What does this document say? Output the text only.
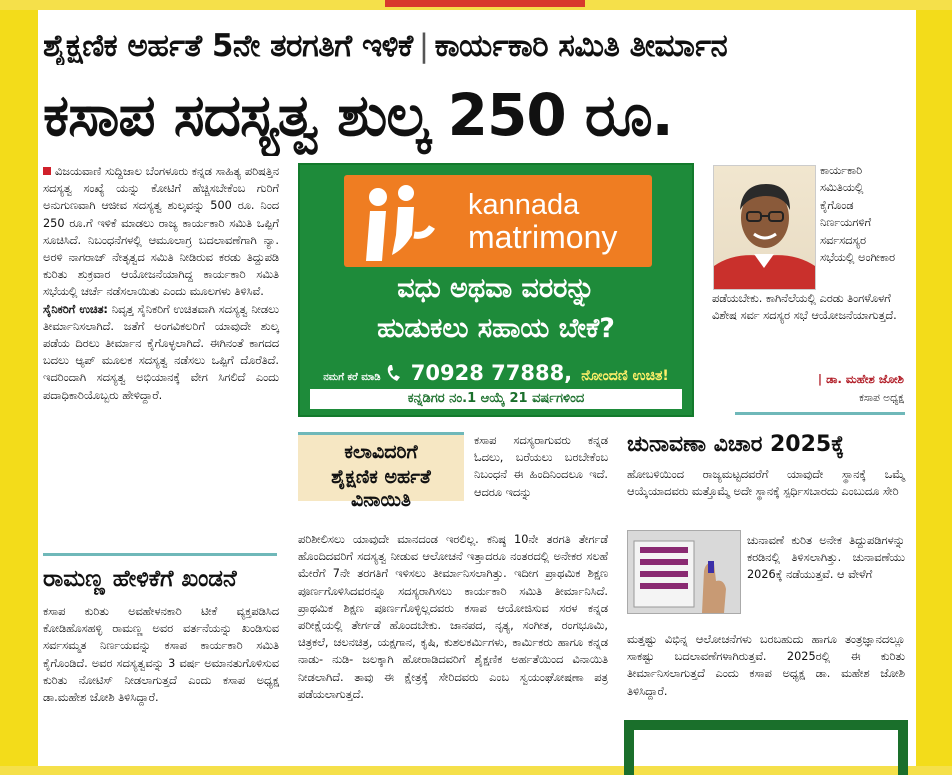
ಶೈಕ್ಷಣಿಕ ಅರ್ಹತೆ 5ನೇ ತರಗತಿಗೆ ಇಳಿಕೆ | ಕಾರ್ಯಕಾರಿ ಸಮಿತಿ ತೀರ್ಮಾನ
ಕಸಾಪ ಸದಸ್ಯತ್ವ ಶುಲ್ಕ 250 ರೂ.

ವಿಜಯವಾಣಿ ಸುದ್ದಿಜಾಲ ಬೆಂಗಳೂರು ಕನ್ನಡ ಸಾಹಿತ್ಯ ಪರಿಷತ್ತಿನ ಸದಸ್ಯತ್ವ ಸಂಖ್ಯೆ ಯನ್ನು ಕೋಟಿಗೆ ಹೆಚ್ಚಿಸಬೇಕೆಂಬ ಗುರಿಗೆ ಅನುಗುಣವಾಗಿ ಆಜೀವ ಸದಸ್ಯತ್ವ ಶುಲ್ಕವನ್ನು 500 ರೂ. ನಿಂದ 250 ರೂ.ಗೆ ಇಳಿಕೆ ಮಾಡಲು ರಾಜ್ಯ ಕಾರ್ಯಕಾರಿ ಸಮಿತಿ ಒಪ್ಪಿಗೆ ಸೂಚಿಸಿದೆ. ನಿಬಂಧನೆಗಳಲ್ಲಿ ಆಮೂಲಾಗ್ರ ಬದಲಾವಣೆಗಾಗಿ ನ್ಯಾ. ಅರಳಿ ನಾಗರಾಜ್ ನೇತೃತ್ವದ ಸಮಿತಿ ನೀಡಿರುವ ಕರಡು ತಿದ್ದುಪಡಿ ಕುರಿತು ಶುಕ್ರವಾರ ಆಯೋಜನೆಯಾಗಿದ್ದ ಕಾರ್ಯಕಾರಿ ಸಮಿತಿ ಸಭೆಯಲ್ಲಿ ಚರ್ಚೆ ನಡೆಸಲಾಯಿತು ಎಂದು ಮೂಲಗಳು ತಿಳಿಸಿವೆ.

ಸೈನಿಕರಿಗೆ ಉಚಿತ: ನಿವೃತ್ತ ಸೈನಿಕರಿಗೆ ಉಚಿತವಾಗಿ ಸದಸ್ಯತ್ವ ನೀಡಲು ತೀರ್ಮಾನಿಸಲಾಗಿದೆ. ಜತೆಗೆ ಅಂಗವಿಕಲರಿಗೆ ಯಾವುದೇ ಶುಲ್ಕ ಪಡೆಯ ದಿರಲು ತೀರ್ಮಾನ ಕೈಗೊಳ್ಳಲಾಗಿದೆ. ಈಗಿನಂತೆ ಕಾಗದದ ಬದಲು ಆ್ಯಪ್ ಮೂಲಕ ಸದಸ್ಯತ್ವ ನಡೆಸಲು ಒಪ್ಪಿಗೆ ದೊರೆತಿದೆ. ಇದರಿಂದಾಗಿ ಸದಸ್ಯತ್ವ ಅಭಿಯಾನಕ್ಕೆ ವೇಗ ಸಿಗಲಿದೆ ಎಂದು ಪದಾಧಿಕಾರಿಯೊಬ್ಬರು ಹೇಳಿದ್ದಾರೆ.

ರಾಮಣ್ಣ ಹೇಳಿಕೆಗೆ ಖಂಡನೆ
ಕಸಾಪ ಕುರಿತು ಅವಹೇಳನಕಾರಿ ಟೀಕೆ ವ್ಯಕ್ತಪಡಿಸಿದ ಕೋಡಿಹೊಸಹಳ್ಳಿ ರಾಮಣ್ಣ ಅವರ ವರ್ತನೆಯನ್ನು ಖಂಡಿಸುವ ಸರ್ವಸಮ್ಮತ ನಿರ್ಣಯವನ್ನು ಕಸಾಪ ಕಾರ್ಯಕಾರಿ ಸಮಿತಿ ಕೈಗೊಂಡಿದೆ. ಅವರ ಸದಸ್ಯತ್ವವನ್ನು 3 ವರ್ಷ ಅಮಾನತುಗೊಳಿಸುವ ಕುರಿತು ನೋಟಿಸ್ ನೀಡಲಾಗುತ್ತದೆ ಎಂದು ಕಸಾಪ ಅಧ್ಯಕ್ಷ ಡಾ.ಮಹೇಶ ಜೋಶಿ ತಿಳಿಸಿದ್ದಾರೆ.
kannada
matrimony
ವಧು ಅಥವಾ ವರರನ್ನು
ಹುಡುಕಲು ಸಹಾಯ ಬೇಕೆ?
ನಮಗೆ ಕರೆ ಮಾಡಿ 70928 77888, ನೋಂದಣಿ ಉಚಿತ!
ಕನ್ನಡಿಗರ ನಂ.1 ಆಯ್ಕೆ 21 ವರ್ಷಗಳಿಂದ
ಕಾರ್ಯಕಾರಿ ಸಮಿತಿಯಲ್ಲಿ ಕೈಗೊಂಡ ನಿರ್ಣಯಗಳಿಗೆ ಸರ್ವಸದಸ್ಯರ ಸಭೆಯಲ್ಲಿ ಅಂಗೀಕಾರ
ಪಡೆಯಬೇಕು. ಕಾಗಿನೆಲೆಯಲ್ಲಿ ಎರಡು ತಿಂಗಳೊಳಗೆ ವಿಶೇಷ ಸರ್ವ ಸದಸ್ಯರ ಸಭೆ ಆಯೋಜನೆಯಾಗುತ್ತದೆ.
| ಡಾ. ಮಹೇಶ ಜೋಶಿ
ಕಸಾಪ ಅಧ್ಯಕ್ಷ
ಕಲಾವಿದರಿಗೆ
ಶೈಕ್ಷಣಿಕ ಅರ್ಹತೆ
ವಿನಾಯಿತಿ
ಕಸಾಪ ಸದಸ್ಯರಾಗುವರು ಕನ್ನಡ ಓದಲು, ಬರೆಯಲು ಬರಬೇಕೆಂಬ ನಿಬಂಧನೆ ಈ ಹಿಂದಿನಿಂದಲೂ ಇದೆ. ಆದರೂ ಇದನ್ನು
ಪರಿಶೀಲಿಸಲು ಯಾವುದೇ ಮಾನದಂಡ ಇರಲಿಲ್ಲ. ಕನಿಷ್ಠ 10ನೇ ತರಗತಿ ತೇರ್ಗಡೆ ಹೊಂದಿದವರಿಗೆ ಸದಸ್ಯತ್ವ ನೀಡುವ ಆಲೋಚನೆ ಇತ್ತಾದರೂ ನಂತರದಲ್ಲಿ ಅನೇಕರ ಸಲಹೆ ಮೇರೆಗೆ 7ನೇ ತರಗತಿಗೆ ಇಳಿಸಲು ತೀರ್ಮಾನಿಸಲಾಗಿತ್ತು. ಇದೀಗ ಪ್ರಾಥಮಿಕ ಶಿಕ್ಷಣ ಪೂರ್ಣಗೊಳಿಸಿದವರನ್ನೂ ಸದಸ್ಯರಾಗಿಸಲು ಕಾರ್ಯಕಾರಿ ಸಮಿತಿ ತೀರ್ಮಾನಿಸಿದೆ. ಪ್ರಾಥಮಿಕ ಶಿಕ್ಷಣ ಪೂರ್ಣಗೊಳ್ಳಿಲ್ಲದವರು ಕಸಾಪ ಆಯೋಜಿಸುವ ಸರಳ ಕನ್ನಡ ಪರೀಕ್ಷೆಯಲ್ಲಿ ತೇರ್ಗಡೆ ಹೊಂದಬೇಕು. ಜಾನಪದ, ನೃತ್ಯ, ಸಂಗೀತ, ರಂಗಭೂಮಿ, ಚಿತ್ರಕಲೆ, ಚಲನಚಿತ್ರ, ಯಕ್ಷಗಾನ, ಕೃಷಿ, ಕುಶಲಕರ್ಮಿಗಳು, ಕಾರ್ಮಿಕರು ಹಾಗೂ ಕನ್ನಡ ನಾಡು- ನುಡಿ- ಜಲಕ್ಕಾಗಿ ಹೋರಾಡಿದವರಿಗೆ ಶೈಕ್ಷಣಿಕ ಅರ್ಹತೆಯಿಂದ ವಿನಾಯಿತಿ ನೀಡಲಾಗಿದೆ. ತಾವು ಈ ಕ್ಷೇತ್ರಕ್ಕೆ ಸೇರಿದವರು ಎಂಬ ಸ್ವಯಂಘೋಷಣಾ ಪತ್ರ ಪಡೆಯಲಾಗುತ್ತದೆ.
ಚುನಾವಣಾ ವಿಚಾರ 2025ಕ್ಕೆ
ಹೋಬಳಿಯಿಂದ ರಾಜ್ಯಮಟ್ಟದವರೆಗೆ ಯಾವುದೇ ಸ್ಥಾನಕ್ಕೆ ಒಮ್ಮೆ ಆಯ್ಕೆಯಾದವರು ಮತ್ತೊಮ್ಮೆ ಅದೇ ಸ್ಥಾನಕ್ಕೆ ಸ್ಪರ್ಧಿಸಬಾರದು ಎಂಬುದೂ ಸೇರಿ
ಚುನಾವಣೆ ಕುರಿತ ಅನೇಕ ತಿದ್ದುಪಡಿಗಳನ್ನು ಕರಡಿನಲ್ಲಿ ತಿಳಿಸಲಾಗಿತ್ತು. ಚುನಾವಣೆಯು 2026ಕ್ಕೆ ನಡೆಯುತ್ತವೆ. ಆ ವೇಳೆಗೆ
ಮತ್ತಷ್ಟು ವಿಭಿನ್ನ ಆಲೋಚನೆಗಳು ಬರಬಹುದು ಹಾಗೂ ತಂತ್ರಜ್ಞಾನದಲ್ಲೂ ಸಾಕಷ್ಟು ಬದಲಾವಣೆಗಳಾಗಿರುತ್ತವೆ. 2025ರಲ್ಲಿ ಈ ಕುರಿತು ತೀರ್ಮಾನಿಸಲಾಗುತ್ತದೆ ಎಂದು ಕಸಾಪ ಅಧ್ಯಕ್ಷ ಡಾ. ಮಹೇಶ ಜೋಶಿ ತಿಳಿಸಿದ್ದಾರೆ.
